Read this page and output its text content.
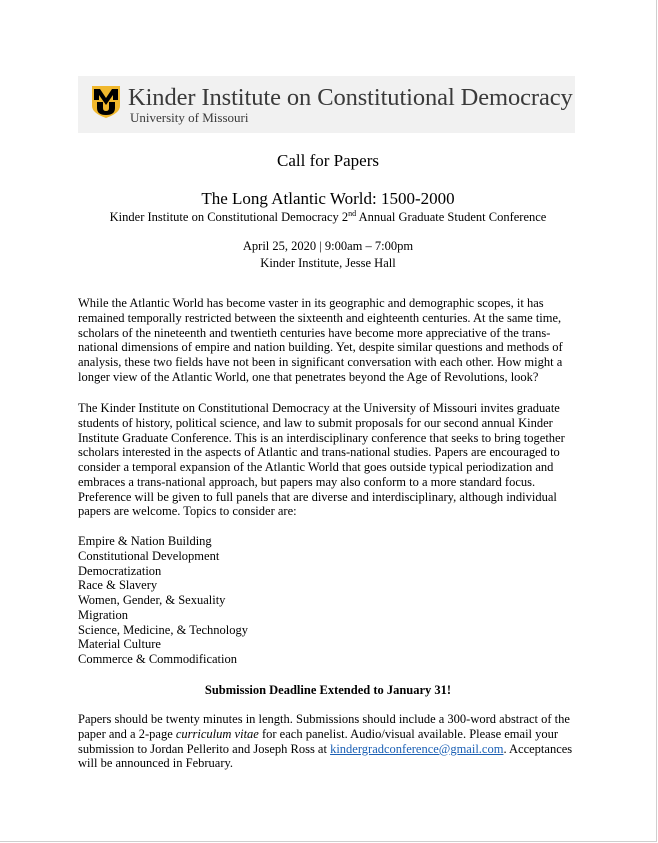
Kinder Institute on Constitutional Democracy
University of Missouri
Call for Papers
The Long Atlantic World: 1500-2000
Kinder Institute on Constitutional Democracy 2nd Annual Graduate Student Conference
April 25, 2020 | 9:00am – 7:00pm
Kinder Institute, Jesse Hall

While the Atlantic World has become vaster in its geographic and demographic scopes, it has remained temporally restricted between the sixteenth and eighteenth centuries. At the same time, scholars of the nineteenth and twentieth centuries have become more appreciative of the trans-national dimensions of empire and nation building. Yet, despite similar questions and methods of analysis, these two fields have not been in significant conversation with each other. How might a longer view of the Atlantic World, one that penetrates beyond the Age of Revolutions, look?

The Kinder Institute on Constitutional Democracy at the University of Missouri invites graduate students of history, political science, and law to submit proposals for our second annual Kinder Institute Graduate Conference. This is an interdisciplinary conference that seeks to bring together scholars interested in the aspects of Atlantic and trans-national studies. Papers are encouraged to consider a temporal expansion of the Atlantic World that goes outside typical periodization and embraces a trans-national approach, but papers may also conform to a more standard focus. Preference will be given to full panels that are diverse and interdisciplinary, although individual papers are welcome. Topics to consider are:

Empire & Nation Building
Constitutional Development
Democratization
Race & Slavery
Women, Gender, & Sexuality
Migration
Science, Medicine, & Technology
Material Culture
Commerce & Commodification
Submission Deadline Extended to January 31!

Papers should be twenty minutes in length. Submissions should include a 300-word abstract of the paper and a 2-page curriculum vitae for each panelist. Audio/visual available. Please email your submission to Jordan Pellerito and Joseph Ross at kindergradconference@gmail.com. Acceptances will be announced in February.
